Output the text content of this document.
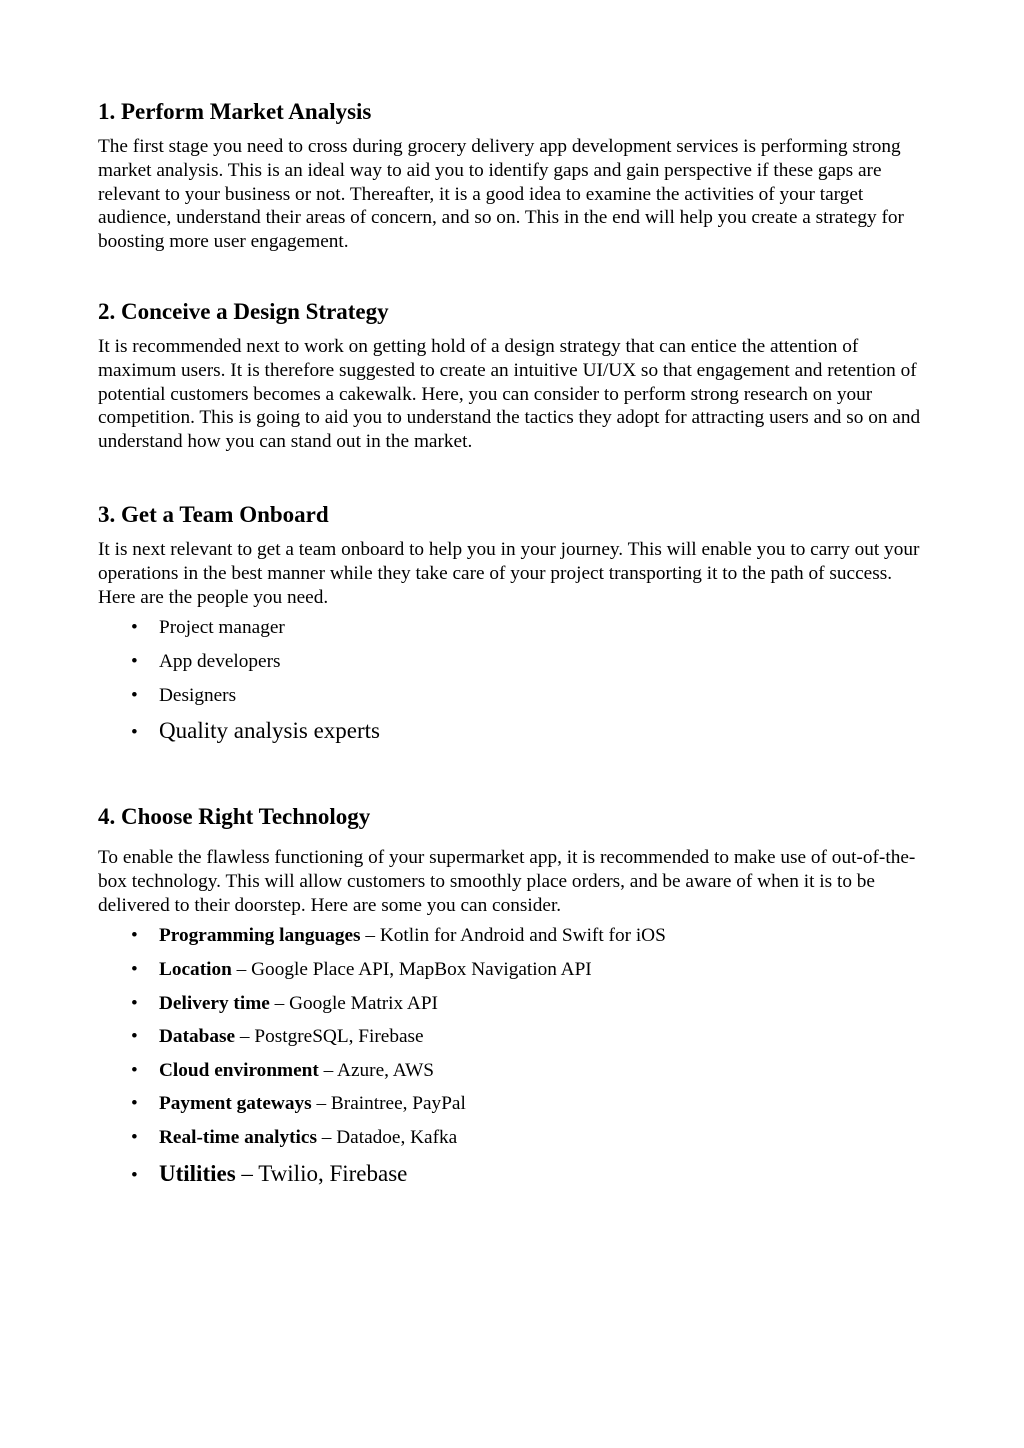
1. Perform Market Analysis

The first stage you need to cross during grocery delivery app development services is performing strong market analysis. This is an ideal way to aid you to identify gaps and gain perspective if these gaps are relevant to your business or not. Thereafter, it is a good idea to examine the activities of your target audience, understand their areas of concern, and so on. This in the end will help you create a strategy for boosting more user engagement.

2. Conceive a Design Strategy

It is recommended next to work on getting hold of a design strategy that can entice the attention of maximum users. It is therefore suggested to create an intuitive UI/UX so that engagement and retention of potential customers becomes a cakewalk. Here, you can consider to perform strong research on your competition. This is going to aid you to understand the tactics they adopt for attracting users and so on and understand how you can stand out in the market.

3. Get a Team Onboard

It is next relevant to get a team onboard to help you in your journey. This will enable you to carry out your operations in the best manner while they take care of your project transporting it to the path of success. Here are the people you need.

• Project manager
• App developers
• Designers
• Quality analysis experts
4. Choose Right Technology

To enable the flawless functioning of your supermarket app, it is recommended to make use of out-of-the-box technology. This will allow customers to smoothly place orders, and be aware of when it is to be delivered to their doorstep. Here are some you can consider.

• Programming languages – Kotlin for Android and Swift for iOS
• Location – Google Place API, MapBox Navigation API
• Delivery time – Google Matrix API
• Database – PostgreSQL, Firebase
• Cloud environment – Azure, AWS
• Payment gateways – Braintree, PayPal
• Real-time analytics – Datadoe, Kafka
• Utilities – Twilio, Firebase
